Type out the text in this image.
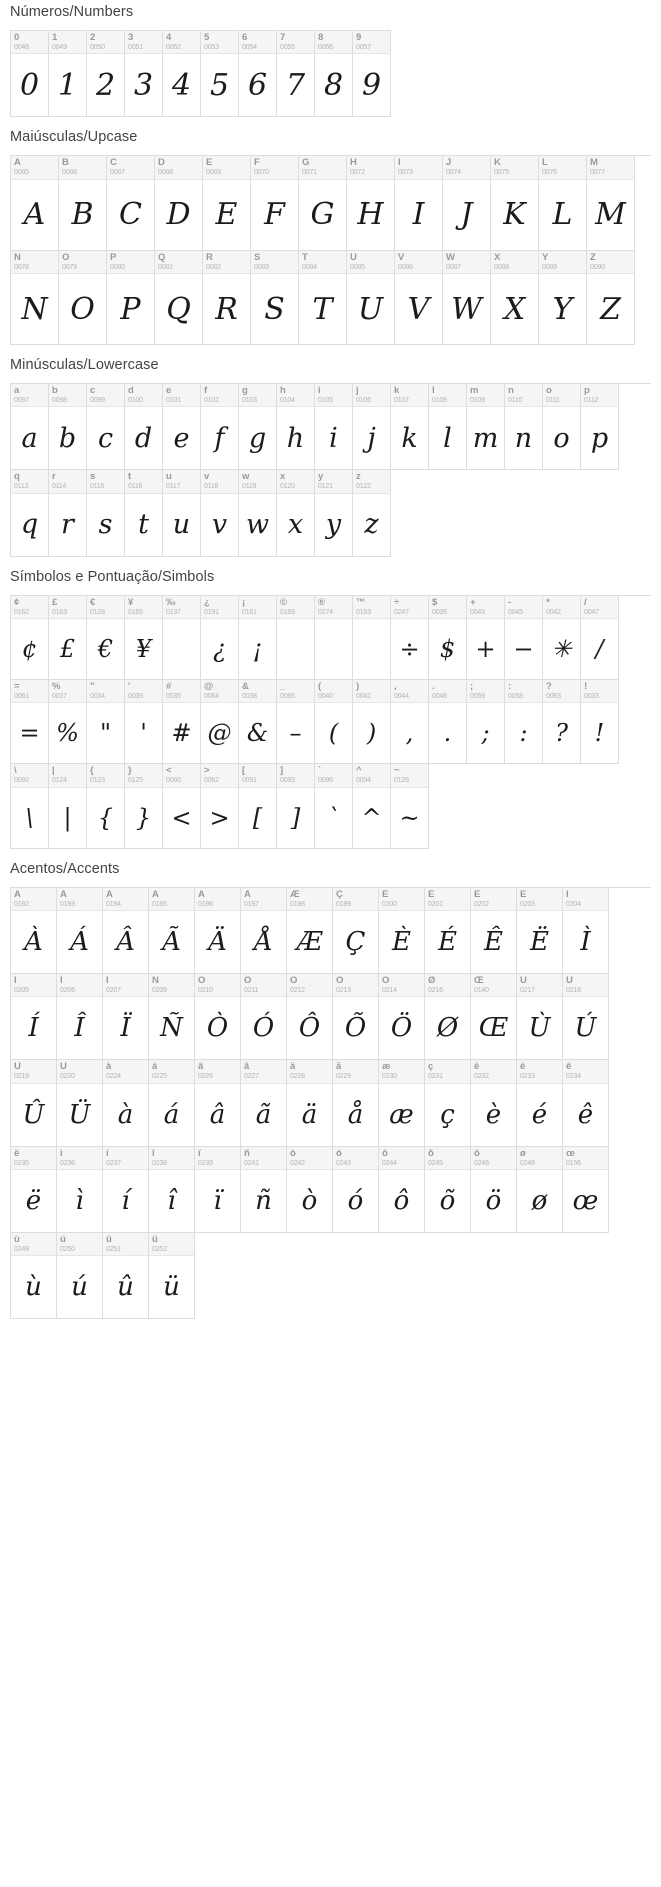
Números/Numbers
0
0048
0
1
0049
1
2
0050
2
3
0051
3
4
0052
4
5
0053
5
6
0054
6
7
0055
7
8
0056
8
9
0057
9
Maiúsculas/Upcase
A
0065
A
B
0066
B
C
0067
C
D
0068
D
E
0069
E
F
0070
F
G
0071
G
H
0072
H
I
0073
I
J
0074
J
K
0075
K
L
0076
L
M
0077
M
N
0078
N
O
0079
O
P
0080
P
Q
0081
Q
R
0082
R
S
0083
S
T
0084
T
U
0085
U
V
0086
V
W
0087
W
X
0088
X
Y
0089
Y
Z
0090
Z
Minúsculas/Lowercase
a
0097
a
b
0098
b
c
0099
c
d
0100
d
e
0101
e
f
0102
f
g
0103
g
h
0104
h
i
0105
i
j
0106
j
k
0107
k
l
0108
l
m
0109
m
n
0110
n
o
0111
o
p
0112
p
q
0113
q
r
0114
r
s
0115
s
t
0116
t
u
0117
u
v
0118
v
w
0119
w
x
0120
x
y
0121
y
z
0122
z
Símbolos e Pontuação/Simbols
¢
0162
¢
£
0163
£
€
0128
€
¥
0165
¥
‰
0137
¿
0191
¿
¡
0161
¡
©
0169
®
0174
™
0153
÷
0247
÷
$
0036
$
+
0043
+
-
0045
−
*
0042
✳
/
0047
/
=
0061
=
%
0037
%
"
0034
"
'
0039
'
#
0035
#
@
0064
@
&
0038
&
_
0095
–
(
0040
(
)
0041
)
,
0044
,
.
0046
.
;
0059
;
:
0058
:
?
0063
?
!
0033
!
\
0092
\
|
0124
|
{
0123
{
}
0125
}
<
0060
<
>
0062
>
[
0091
[
]
0093
]
`
0096
`
^
0094
^
~
0126
~
Acentos/Accents
À
0192
À
Á
0193
Á
Â
0194
Â
Ã
0195
Ã
Ä
0196
Ä
Å
0197
Å
Æ
0198
Æ
Ç
0199
Ç
È
0200
È
É
0201
É
Ê
0202
Ê
Ë
0203
Ë
Ì
0204
Ì
Í
0205
Í
Î
0206
Î
Ï
0207
Ï
Ñ
0209
Ñ
Ò
0210
Ò
Ó
0211
Ó
Ô
0212
Ô
Õ
0213
Õ
Ö
0214
Ö
Ø
0216
Ø
Œ
0140
Œ
Ù
0217
Ù
Ú
0218
Ú
Û
0219
Û
Ü
0220
Ü
à
0224
à
á
0225
á
â
0226
â
ã
0227
ã
ä
0228
ä
å
0229
å
æ
0230
æ
ç
0231
ç
è
0232
è
é
0233
é
ê
0234
ê
ë
0235
ë
ì
0236
ì
í
0237
í
î
0238
î
ï
0239
ï
ñ
0241
ñ
ò
0242
ò
ó
0243
ó
ô
0244
ô
õ
0245
õ
ö
0246
ö
ø
0248
ø
œ
0156
œ
ù
0249
ù
ú
0250
ú
û
0251
û
ü
0252
ü
